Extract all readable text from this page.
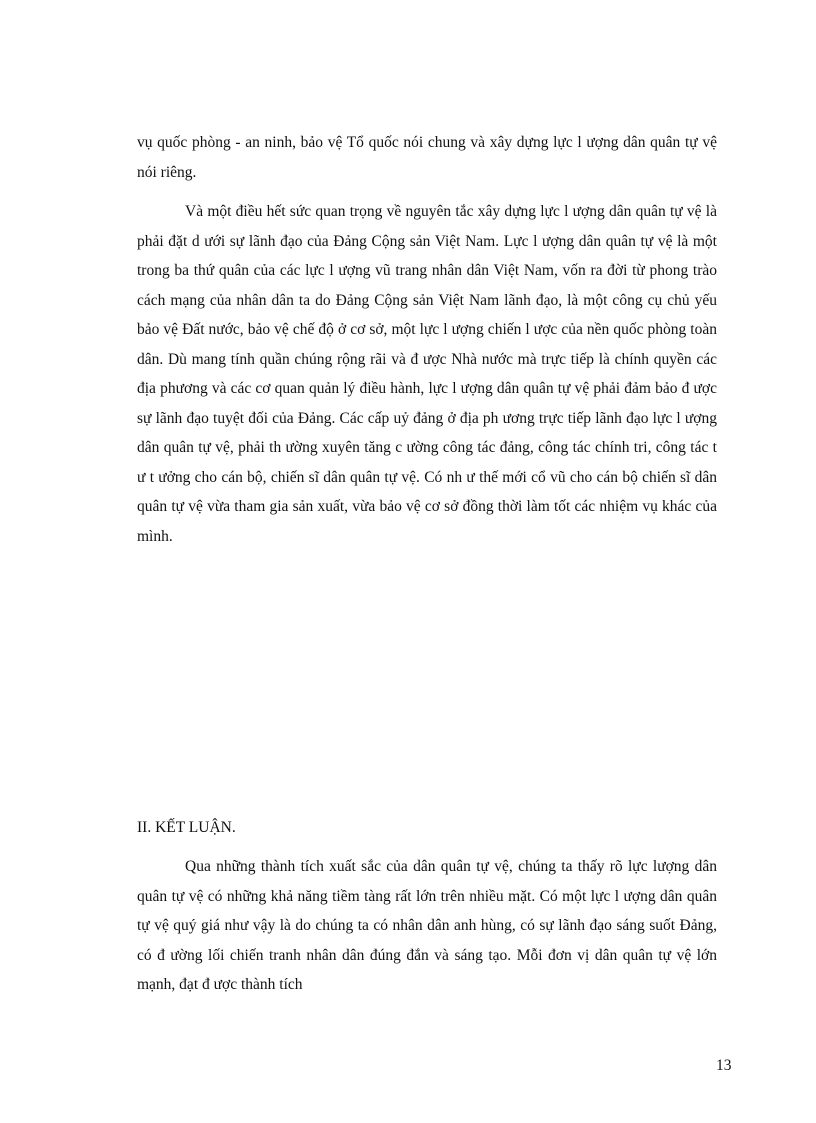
vụ quốc phòng - an ninh, bảo vệ Tổ quốc nói chung và xây dựng lực l ượng dân quân tự vệ nói riêng.

Và một điều hết sức quan trọng về nguyên tắc xây dựng lực l ượng dân quân tự vệ là phải đặt d ưới sự lãnh đạo của Đảng Cộng sản Việt Nam. Lực l ượng dân quân tự vệ là một trong ba thứ quân của các lực l ượng vũ trang nhân dân Việt Nam, vốn ra đời từ phong trào cách mạng của nhân dân ta do Đảng Cộng sản Việt Nam lãnh đạo, là một công cụ chủ yếu bảo vệ Đất nước, bảo vệ chế độ ở cơ sở, một lực l ượng chiến l ược của nền quốc phòng toàn dân. Dù mang tính quần chúng rộng rãi và đ ược Nhà nước mà trực tiếp là chính quyền các địa phương và các cơ quan quản lý điều hành, lực l ượng dân quân tự vệ phải đảm bảo đ ược sự lãnh đạo tuyệt đối của Đảng. Các cấp uỷ đảng ở địa ph ương trực tiếp lãnh đạo lực l ượng dân quân tự vệ, phải th ường xuyên tăng c ường công tác đảng, công tác chính tri, công tác t ư t ưởng cho cán bộ, chiến sĩ dân quân tự vệ. Có nh ư thế mới cổ vũ cho cán bộ chiến sĩ dân quân tự vệ vừa tham gia sản xuất, vừa bảo vệ cơ sở đồng thời làm tốt các nhiệm vụ khác của mình.

II. KẾT LUẬN.

Qua những thành tích xuất sắc của dân quân tự vệ, chúng ta thấy rõ lực lượng dân quân tự vệ có những khả năng tiềm tàng rất lớn trên nhiều mặt. Có một lực l ượng dân quân tự vệ quý giá như vậy là do chúng ta có nhân dân anh hùng, có sự lãnh đạo sáng suốt Đảng, có đ ường lối chiến tranh nhân dân đúng đắn và sáng tạo. Mỗi đơn vị dân quân tự vệ lớn mạnh, đạt đ ược thành tích

13
